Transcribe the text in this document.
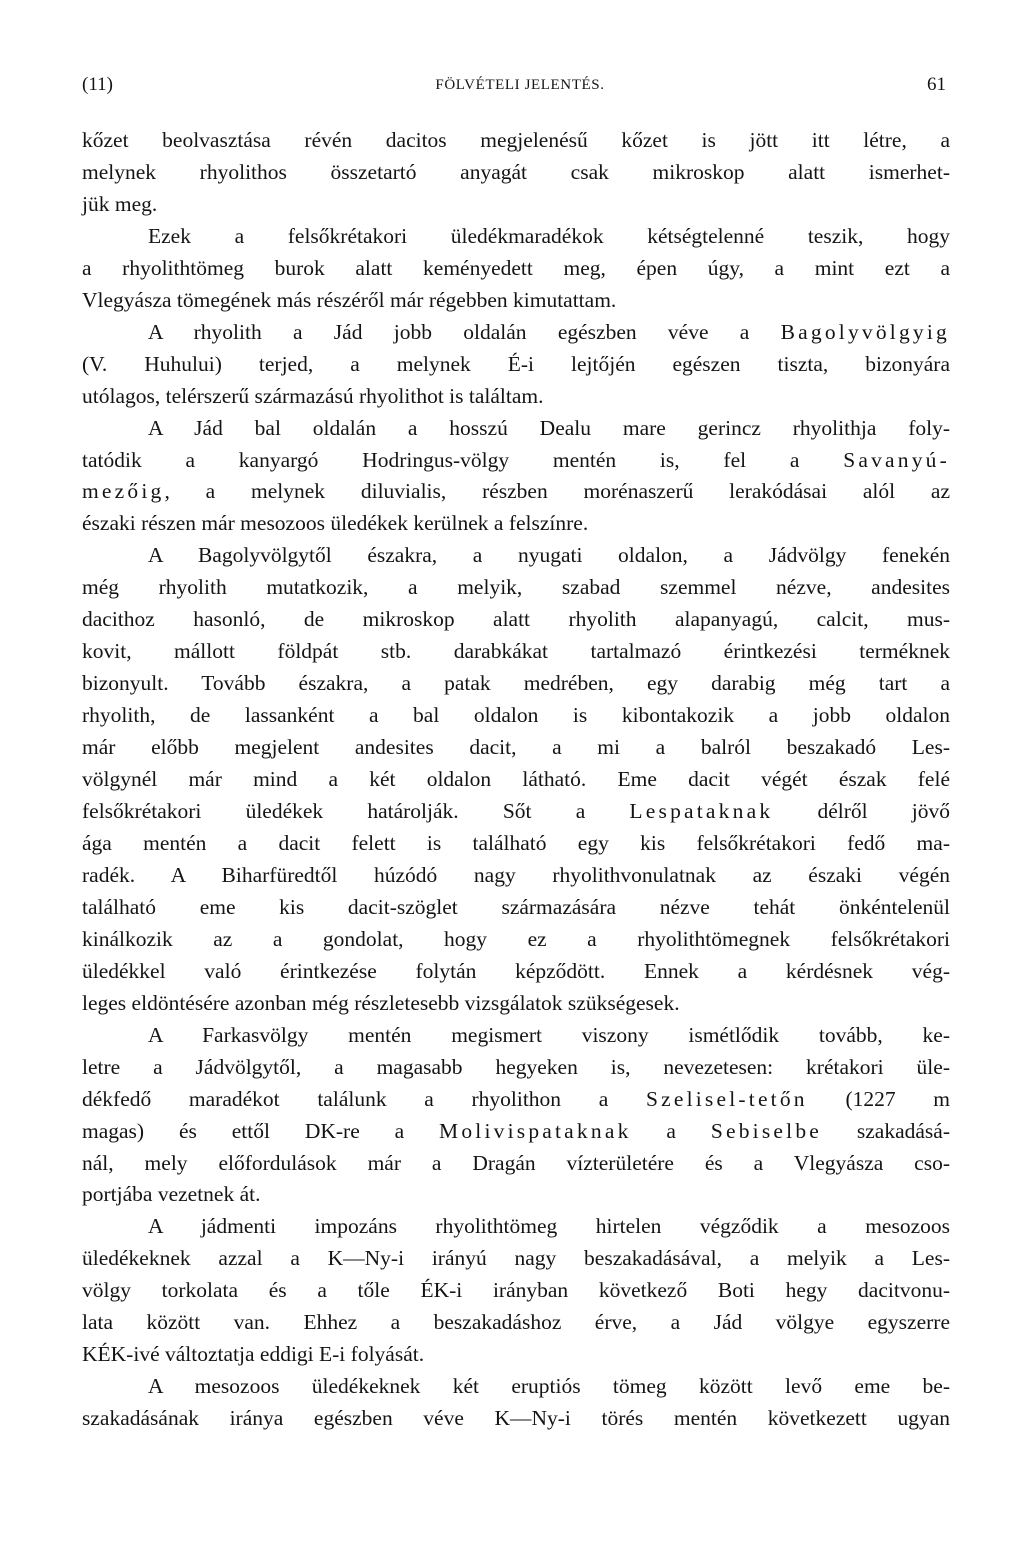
(11)	FÖLVÉTELI JELENTÉS.	61
kőzet beolvasztása révén dacitos megjelenésű kőzet is jött itt létre, a
melynek rhyolithos összetartó anyagát csak mikroskop alatt ismerhet-
jük meg.
Ezek a felsőkrétakori üledékmaradékok kétségtelenné teszik, hogy
a rhyolithtömeg burok alatt keményedett meg, épen úgy, a mint ezt a
Vlegyásza tömegének más részéről már régebben kimutattam.
A rhyolith a Jád jobb oldalán egészben véve a Bagolyvölgyig
(V. Huhului) terjed, a melynek É-i lejtőjén egészen tiszta, bizonyára
utólagos, telérszerű származású rhyolithot is találtam.
A Jád bal oldalán a hosszú Dealu mare gerincz rhyolithja foly-
tatódik a kanyargó Hodringus-völgy mentén is, fel a Savanyú-
mezőig, a melynek diluvialis, részben morénaszerű lerakódásai alól az
északi részen már mesozoos üledékek kerülnek a felszínre.
A Bagolyvölgytől északra, a nyugati oldalon, a Jádvölgy fenekén
még rhyolith mutatkozik, a melyik, szabad szemmel nézve, andesites
dacithoz hasonló, de mikroskop alatt rhyolith alapanyagú, calcit, mus-
kovit, mállott földpát stb. darabkákat tartalmazó érintkezési terméknek
bizonyult. Tovább északra, a patak medrében, egy darabig még tart a
rhyolith, de lassanként a bal oldalon is kibontakozik a jobb oldalon
már előbb megjelent andesites dacit, a mi a balról beszakadó Les-
völgynél már mind a két oldalon látható. Eme dacit végét észak felé
felsőkrétakori üledékek határolják. Sőt a Lespataknak délről jövő
ága mentén a dacit felett is található egy kis felsőkrétakori fedő ma-
radék. A Biharfüredtől húzódó nagy rhyolithvonulatnak az északi végén
található eme kis dacit-szöglet származására nézve tehát önkéntelenül
kinálkozik az a gondolat, hogy ez a rhyolithtömegnek felsőkrétakori
üledékkel való érintkezése folytán képződött. Ennek a kérdésnek vég-
leges eldöntésére azonban még részletesebb vizsgálatok szükségesek.
A Farkasvölgy mentén megismert viszony ismétlődik tovább, ke-
letre a Jádvölgytől, a magasabb hegyeken is, nevezetesen: krétakori üle-
dékfedő maradékot találunk a rhyolithon a Szelisel-tetőn (1227 m
magas) és ettől DK-re a Molivispataknak a Sebiselbe szakadásá-
nál, mely előfordulások már a Dragán vízterületére és a Vlegyásza cso-
portjába vezetnek át.
A jádmenti impozáns rhyolithtömeg hirtelen végződik a mesozoos
üledékeknek azzal a K—Ny-i irányú nagy beszakadásával, a melyik a Les-
völgy torkolata és a tőle ÉK-i irányban következő Boti hegy dacitvonu-
lata között van. Ehhez a beszakadáshoz érve, a Jád völgye egyszerre
KÉK-ivé változtatja eddigi E-i folyását.
A mesozoos üledékeknek két eruptiós tömeg között levő eme be-
szakadásának iránya egészben véve K—Ny-i törés mentén következett ugyan
